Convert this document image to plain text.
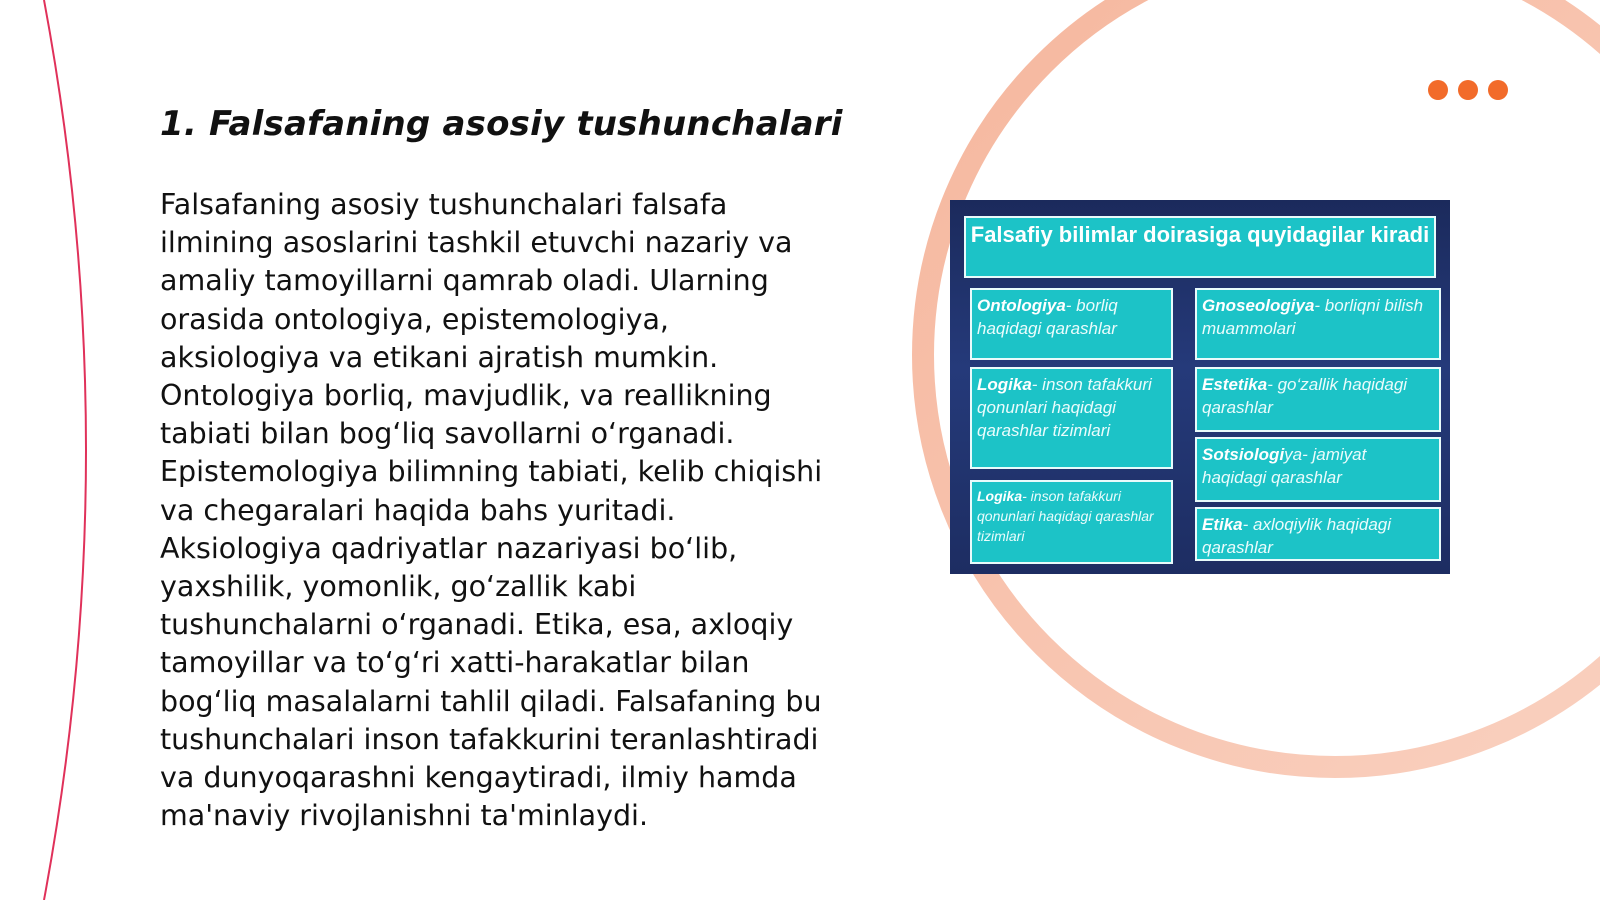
1. Falsafaning asosiy tushunchalari

Falsafaning asosiy tushunchalari falsafa ilmining asoslarini tashkil etuvchi nazariy va amaliy tamoyillarni qamrab oladi. Ularning orasida ontologiya, epistemologiya, aksiologiya va etikani ajratish mumkin. Ontologiya borliq, mavjudlik, va reallikning tabiati bilan bog‘liq savollarni o‘rganadi. Epistemologiya bilimning tabiati, kelib chiqishi va chegaralari haqida bahs yuritadi. Aksiologiya qadriyatlar nazariyasi bo‘lib, yaxshilik, yomonlik, go‘zallik kabi tushunchalarni o‘rganadi. Etika, esa, axloqiy tamoyillar va to‘g‘ri xatti-harakatlar bilan bog‘liq masalalarni tahlil qiladi. Falsafaning bu tushunchalari inson tafakkurini teranlashtiradi va dunyoqarashni kengaytiradi, ilmiy hamda ma'naviy rivojlanishni ta'minlaydi.

Falsafiy bilimlar doirasiga quyidagilar kiradi
Ontologiya- borliq haqidagi qarashlar
Logika- inson tafakkuri qonunlari haqidagi qarashlar tizimlari
Logika- inson tafakkuri qonunlari haqidagi qarashlar tizimlari
Gnoseologiya- borliqni bilish muammolari
Estetika- go‘zallik haqidagi qarashlar
Sotsiologiya- jamiyat haqidagi qarashlar
Etika- axloqiylik haqidagi qarashlar
